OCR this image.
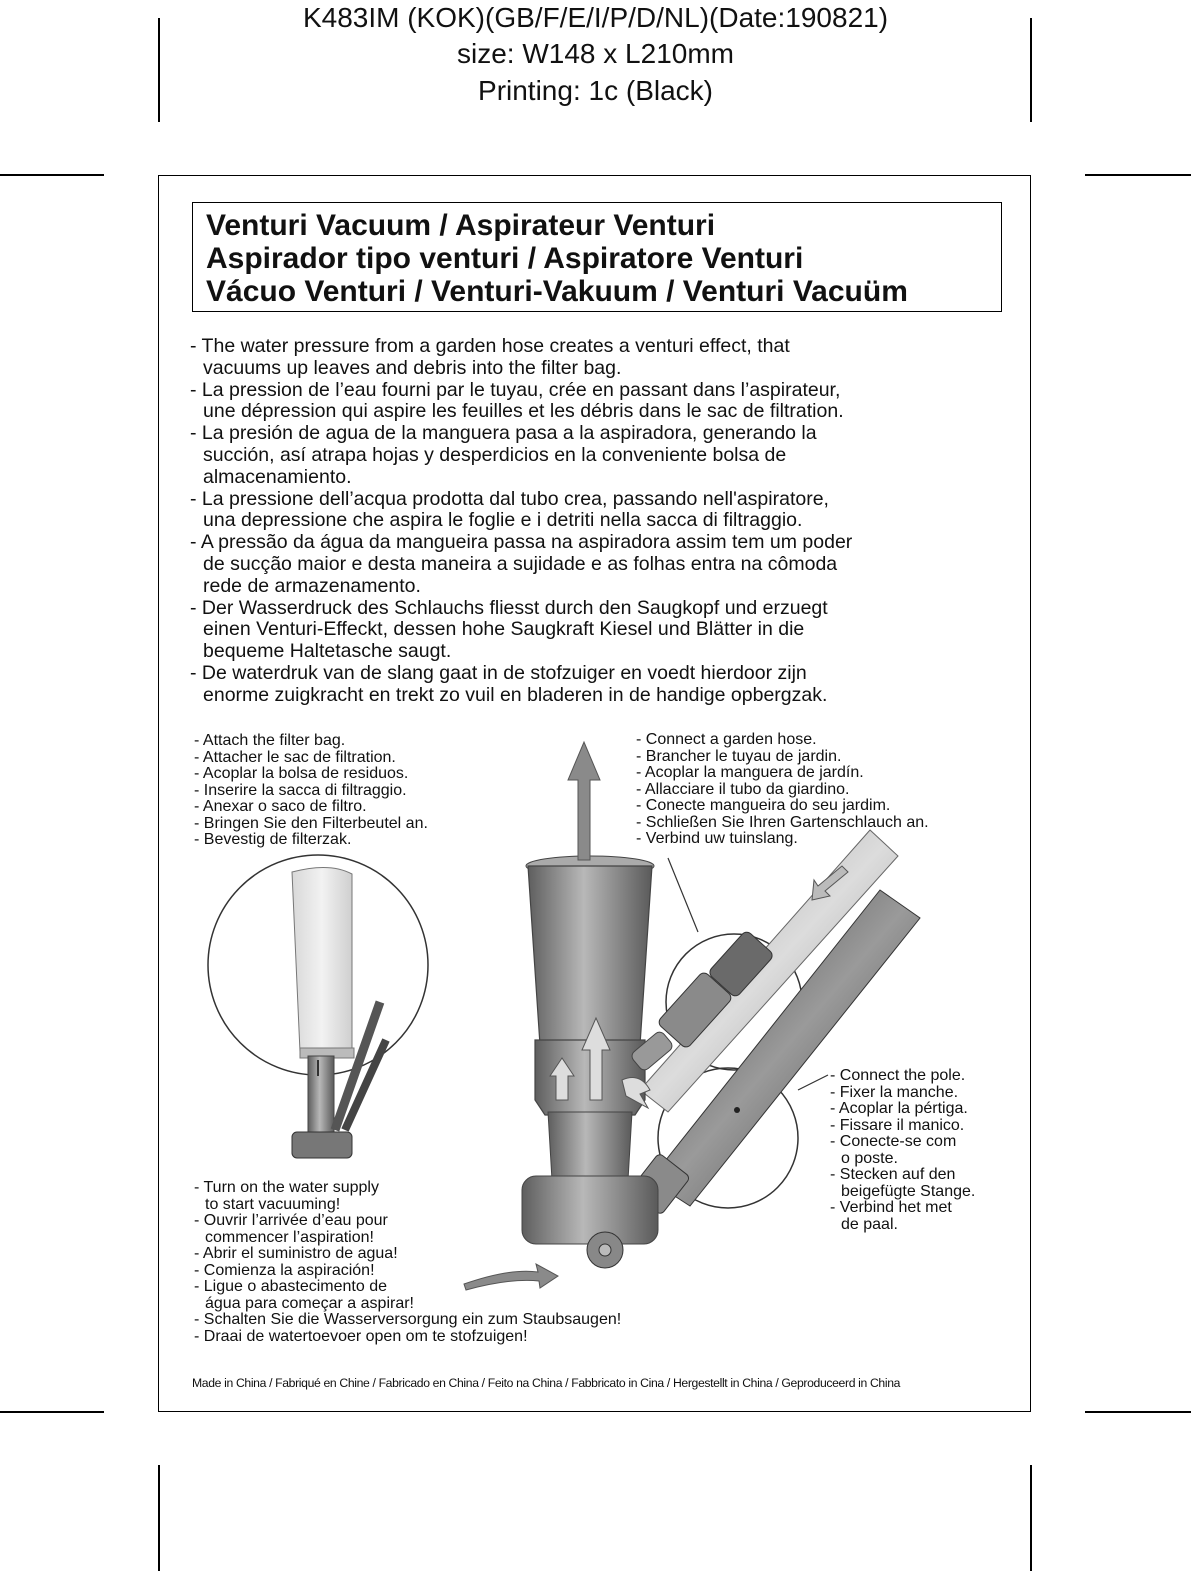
K483IM (KOK)(GB/F/E/I/P/D/NL)(Date:190821)
size: W148 x L210mm
Printing: 1c (Black)
Venturi Vacuum / Aspirateur Venturi
Aspirador tipo venturi / Aspiratore Venturi
Vácuo Venturi / Venturi-Vakuum / Venturi Vacuüm
- The water pressure from a garden hose creates a venturi effect, that
vacuums up leaves and debris into the filter bag.
- La pression de l’eau fourni par le tuyau, crée en passant dans l’aspirateur,
une dépression qui aspire les feuilles et les débris dans le sac de filtration.
- La presión de agua de la manguera pasa a la aspiradora, generando la
succión, así atrapa hojas y desperdicios en la conveniente bolsa de
almacenamiento.
- La pressione dell’acqua prodotta dal tubo crea, passando nell'aspiratore,
una depressione che aspira le foglie e i detriti nella sacca di filtraggio.
- A pressão da água da mangueira passa na aspiradora assim tem um poder
de sucção maior e desta maneira a sujidade e as folhas entra na cômoda
rede de armazenamento.
- Der Wasserdruck des Schlauchs fliesst durch den Saugkopf und erzuegt
einen Venturi-Effeckt, dessen hohe Saugkraft Kiesel und Blätter in die
bequeme Haltetasche saugt.
- De waterdruk van de slang gaat in de stofzuiger en voedt hierdoor zijn
enorme zuigkracht en trekt zo vuil en bladeren in de handige opbergzak.
- Attach the filter bag.
- Attacher le sac de filtration.
- Acoplar la bolsa de residuos.
- Inserire la sacca di filtraggio.
- Anexar o saco de filtro.
- Bringen Sie den Filterbeutel an.
- Bevestig de filterzak.
- Connect a garden hose.
- Brancher le tuyau de jardin.
- Acoplar la manguera de jardín.
- Allacciare il tubo da giardino.
- Conecte mangueira do seu jardim.
- Schließen Sie Ihren Gartenschlauch an.
- Verbind uw tuinslang.
- Connect the pole.
- Fixer la manche.
- Acoplar la pértiga.
- Fissare il manico.
- Conecte-se com
o poste.
- Stecken auf den
beigefügte Stange.
- Verbind het met
de paal.
- Turn on the water supply
to start vacuuming!
- Ouvrir l’arrivée d’eau pour
commencer l’aspiration!
- Abrir el suministro de agua!
- Comienza la aspiración!
- Ligue o abastecimento de
água para começar a aspirar!
- Schalten Sie die Wasserversorgung ein zum Staubsaugen!
- Draai de watertoevoer open om te stofzuigen!
Made in China / Fabriqué en Chine / Fabricado en China / Feito na China / Fabbricato in Cina / Hergestellt in China / Geproduceerd in China
